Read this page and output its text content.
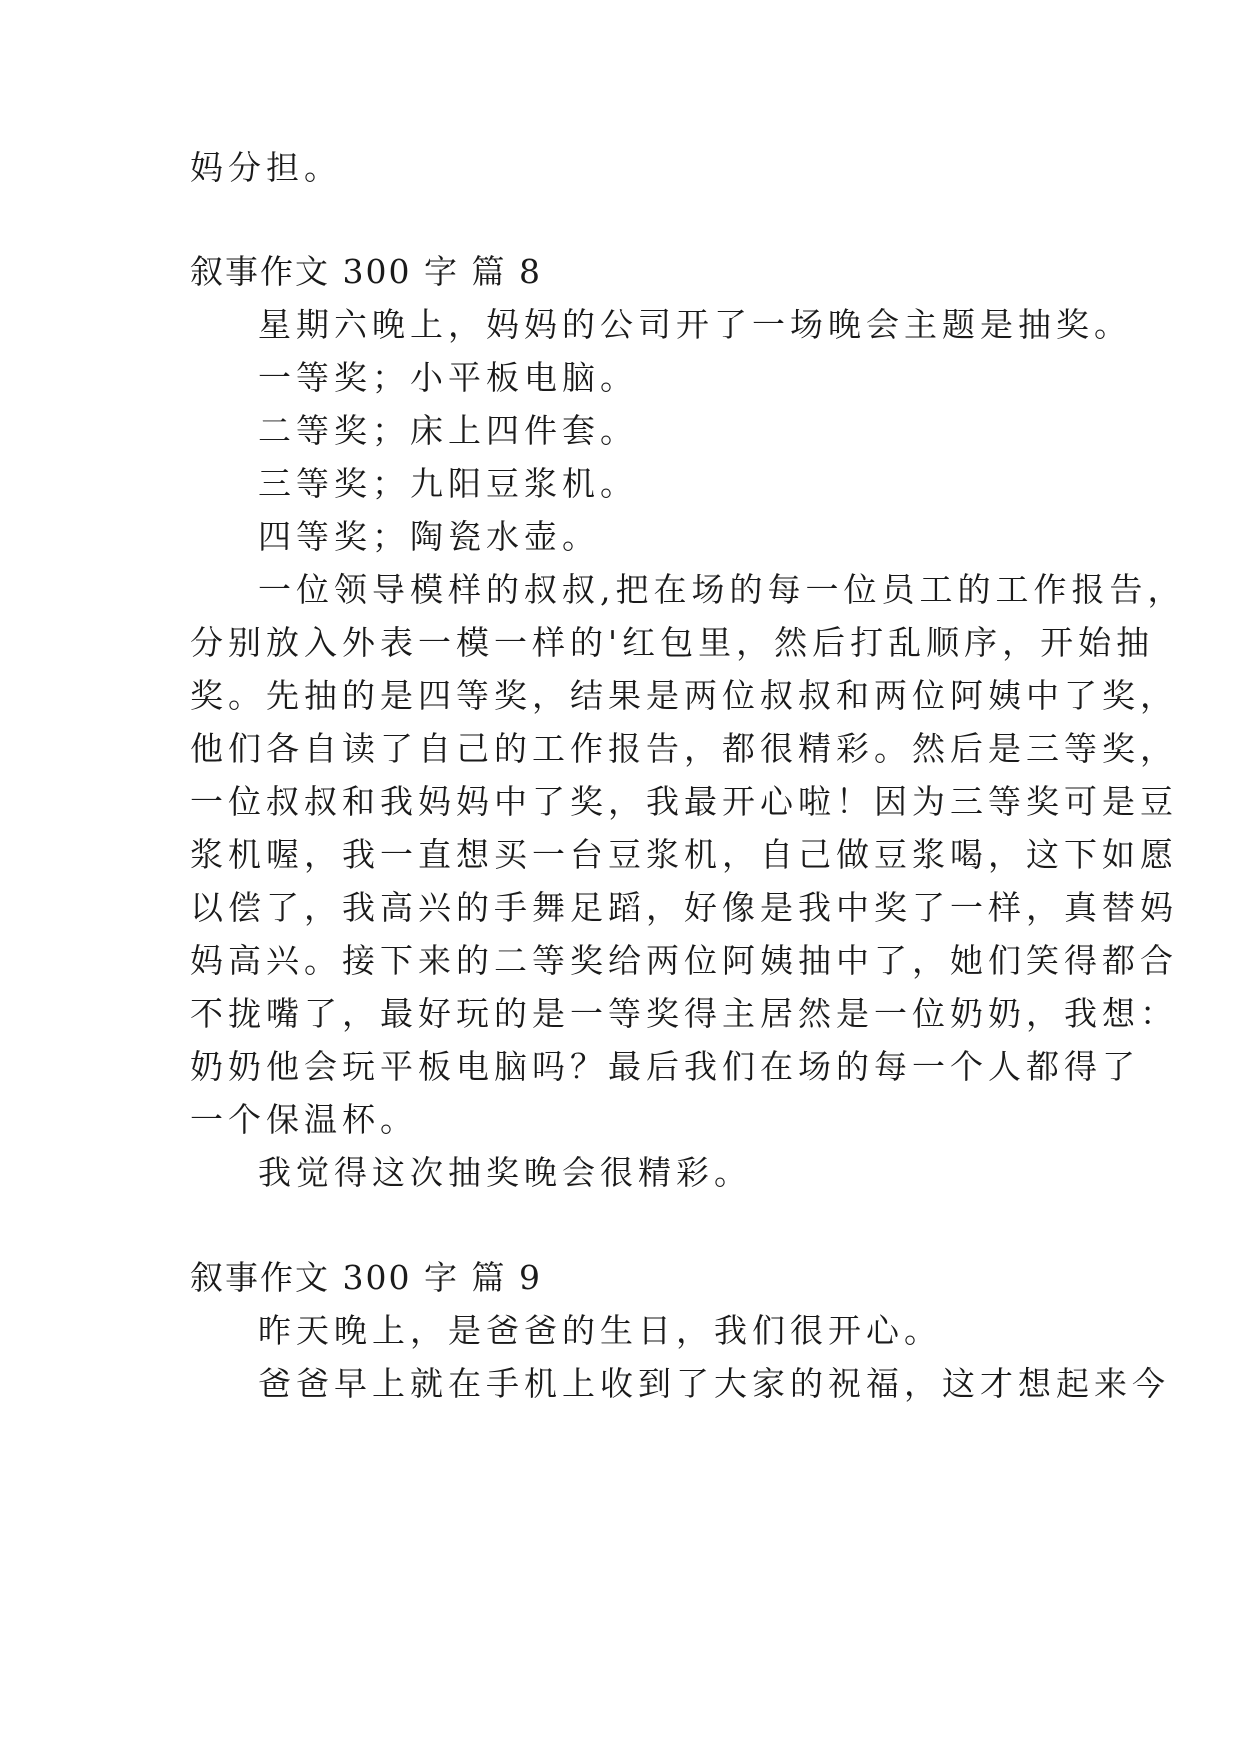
妈分担。
叙事作文 300 字 篇 8
星期六晚上，妈妈的公司开了一场晚会主题是抽奖。
一等奖；小平板电脑。
二等奖；床上四件套。
三等奖；九阳豆浆机。
四等奖；陶瓷水壶。
一位领导模样的叔叔,把在场的每一位员工的工作报告，
分别放入外表一模一样的'红包里，然后打乱顺序，开始抽
奖。先抽的是四等奖，结果是两位叔叔和两位阿姨中了奖，
他们各自读了自己的工作报告，都很精彩。然后是三等奖，
一位叔叔和我妈妈中了奖，我最开心啦！因为三等奖可是豆
浆机喔，我一直想买一台豆浆机，自己做豆浆喝，这下如愿
以偿了，我高兴的手舞足蹈，好像是我中奖了一样，真替妈
妈高兴。接下来的二等奖给两位阿姨抽中了，她们笑得都合
不拢嘴了，最好玩的是一等奖得主居然是一位奶奶，我想：
奶奶他会玩平板电脑吗？最后我们在场的每一个人都得了
一个保温杯。
我觉得这次抽奖晚会很精彩。
叙事作文 300 字 篇 9
昨天晚上，是爸爸的生日，我们很开心。
爸爸早上就在手机上收到了大家的祝福，这才想起来今
